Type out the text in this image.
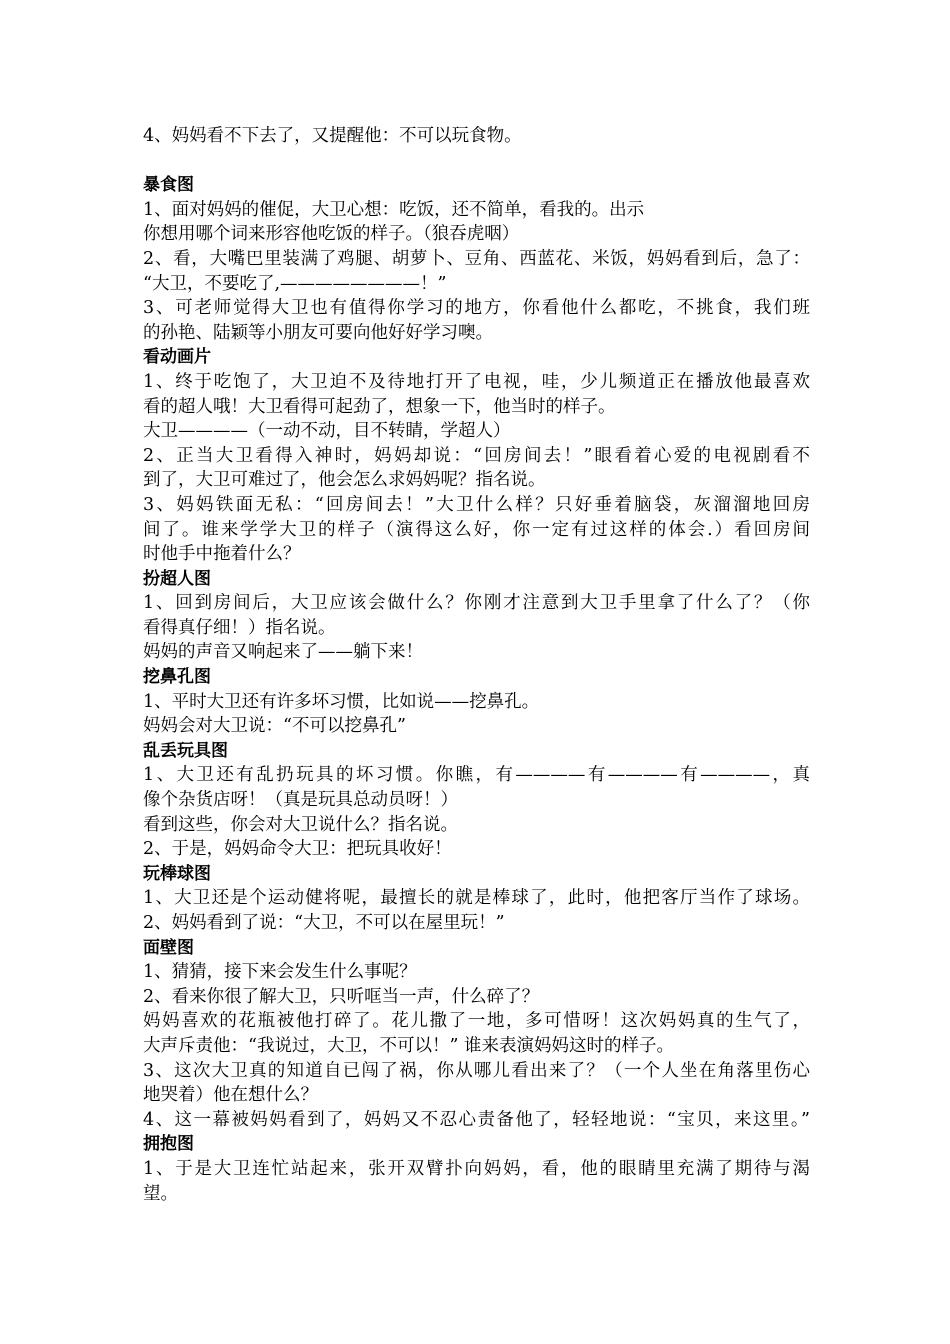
4、妈妈看不下去了，又提醒他：不可以玩食物。
暴食图
1、面对妈妈的催促，大卫心想：吃饭，还不简单，看我的。出示
你想用哪个词来形容他吃饭的样子。（狼吞虎咽）
2、看，大嘴巴里装满了鸡腿、胡萝卜、豆角、西蓝花、米饭，妈妈看到后，急了：
“大卫，不要吃了,————————！”
3、可老师觉得大卫也有值得你学习的地方，你看他什么都吃，不挑食，我们班
的孙艳、陆颖等小朋友可要向他好好学习噢。
看动画片
1、终于吃饱了，大卫迫不及待地打开了电视，哇，少儿频道正在播放他最喜欢
看的超人哦！大卫看得可起劲了，想象一下，他当时的样子。
大卫————（一动不动，目不转睛，学超人）
2、正当大卫看得入神时，妈妈却说：“回房间去！”眼看着心爱的电视剧看不
到了，大卫可难过了，他会怎么求妈妈呢？指名说。
3、妈妈铁面无私：“回房间去！”大卫什么样？只好垂着脑袋，灰溜溜地回房
间了。谁来学学大卫的样子（演得这么好，你一定有过这样的体会.）看回房间
时他手中拖着什么？
扮超人图
1、回到房间后，大卫应该会做什么？你刚才注意到大卫手里拿了什么了？（你
看得真仔细！）指名说。
妈妈的声音又响起来了——躺下来！
挖鼻孔图
1、平时大卫还有许多坏习惯，比如说——挖鼻孔。
妈妈会对大卫说：“不可以挖鼻孔”
乱丢玩具图
1、大卫还有乱扔玩具的坏习惯。你瞧，有————有————有————，真
像个杂货店呀！（真是玩具总动员呀！）
看到这些，你会对大卫说什么？指名说。
2、于是，妈妈命令大卫：把玩具收好！
玩棒球图
1、大卫还是个运动健将呢，最擅长的就是棒球了，此时，他把客厅当作了球场。
2、妈妈看到了说：“大卫，不可以在屋里玩！”
面壁图
1、猜猜，接下来会发生什么事呢？
2、看来你很了解大卫，只听哐当一声，什么碎了？
妈妈喜欢的花瓶被他打碎了。花儿撒了一地，多可惜呀！这次妈妈真的生气了，
大声斥责他：“我说过，大卫，不可以！” 谁来表演妈妈这时的样子。
3、这次大卫真的知道自已闯了祸，你从哪儿看出来了？（一个人坐在角落里伤心
地哭着）他在想什么？
4、这一幕被妈妈看到了，妈妈又不忍心责备他了，轻轻地说：“宝贝，来这里。”
拥抱图
1、于是大卫连忙站起来，张开双臂扑向妈妈，看，他的眼睛里充满了期待与渴
望。
